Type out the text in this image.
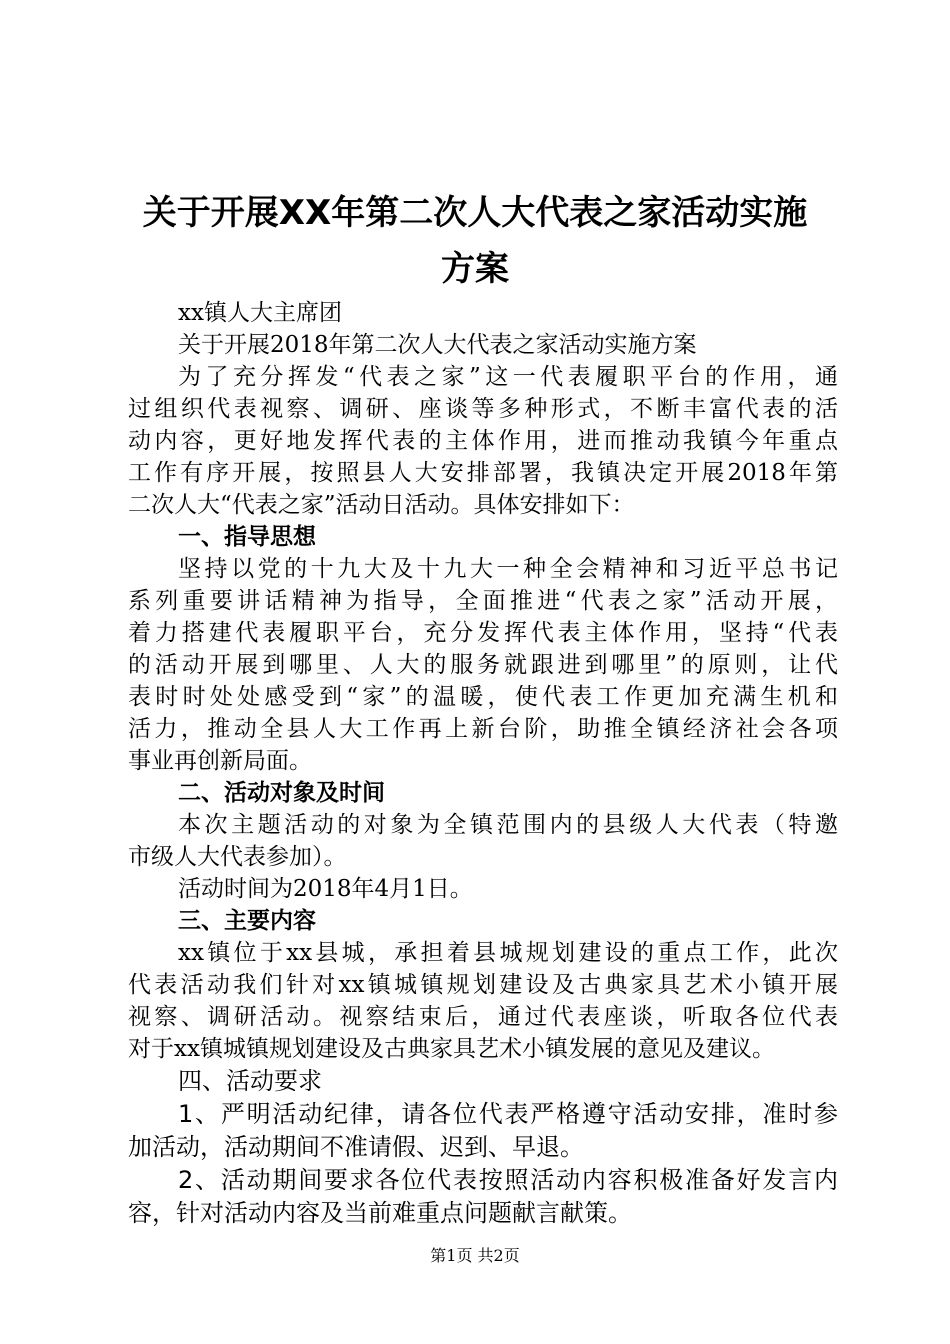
关于开展XX年第二次人大代表之家活动实施
方案
xx镇人大主席团
关于开展2018年第二次人大代表之家活动实施方案
为了充分挥发“代表之家”这一代表履职平台的作用，通
过组织代表视察、调研、座谈等多种形式，不断丰富代表的活
动内容，更好地发挥代表的主体作用，进而推动我镇今年重点
工作有序开展，按照县人大安排部署，我镇决定开展2018年第
二次人大“代表之家”活动日活动。具体安排如下：
一、指导思想
坚持以党的十九大及十九大一种全会精神和习近平总书记
系列重要讲话精神为指导，全面推进“代表之家”活动开展，
着力搭建代表履职平台，充分发挥代表主体作用，坚持“代表
的活动开展到哪里、人大的服务就跟进到哪里”的原则，让代
表时时处处感受到“家”的温暖，使代表工作更加充满生机和
活力，推动全县人大工作再上新台阶，助推全镇经济社会各项
事业再创新局面。
二、活动对象及时间
本次主题活动的对象为全镇范围内的县级人大代表（特邀
市级人大代表参加）。
活动时间为2018年4月1日。
三、主要内容
xx镇位于xx县城，承担着县城规划建设的重点工作，此次
代表活动我们针对xx镇城镇规划建设及古典家具艺术小镇开展
视察、调研活动。视察结束后，通过代表座谈，听取各位代表
对于xx镇城镇规划建设及古典家具艺术小镇发展的意见及建议。
四、活动要求
1、严明活动纪律，请各位代表严格遵守活动安排，准时参
加活动，活动期间不准请假、迟到、早退。
2、活动期间要求各位代表按照活动内容积极准备好发言内
容，针对活动内容及当前难重点问题献言献策。
第1页 共2页
